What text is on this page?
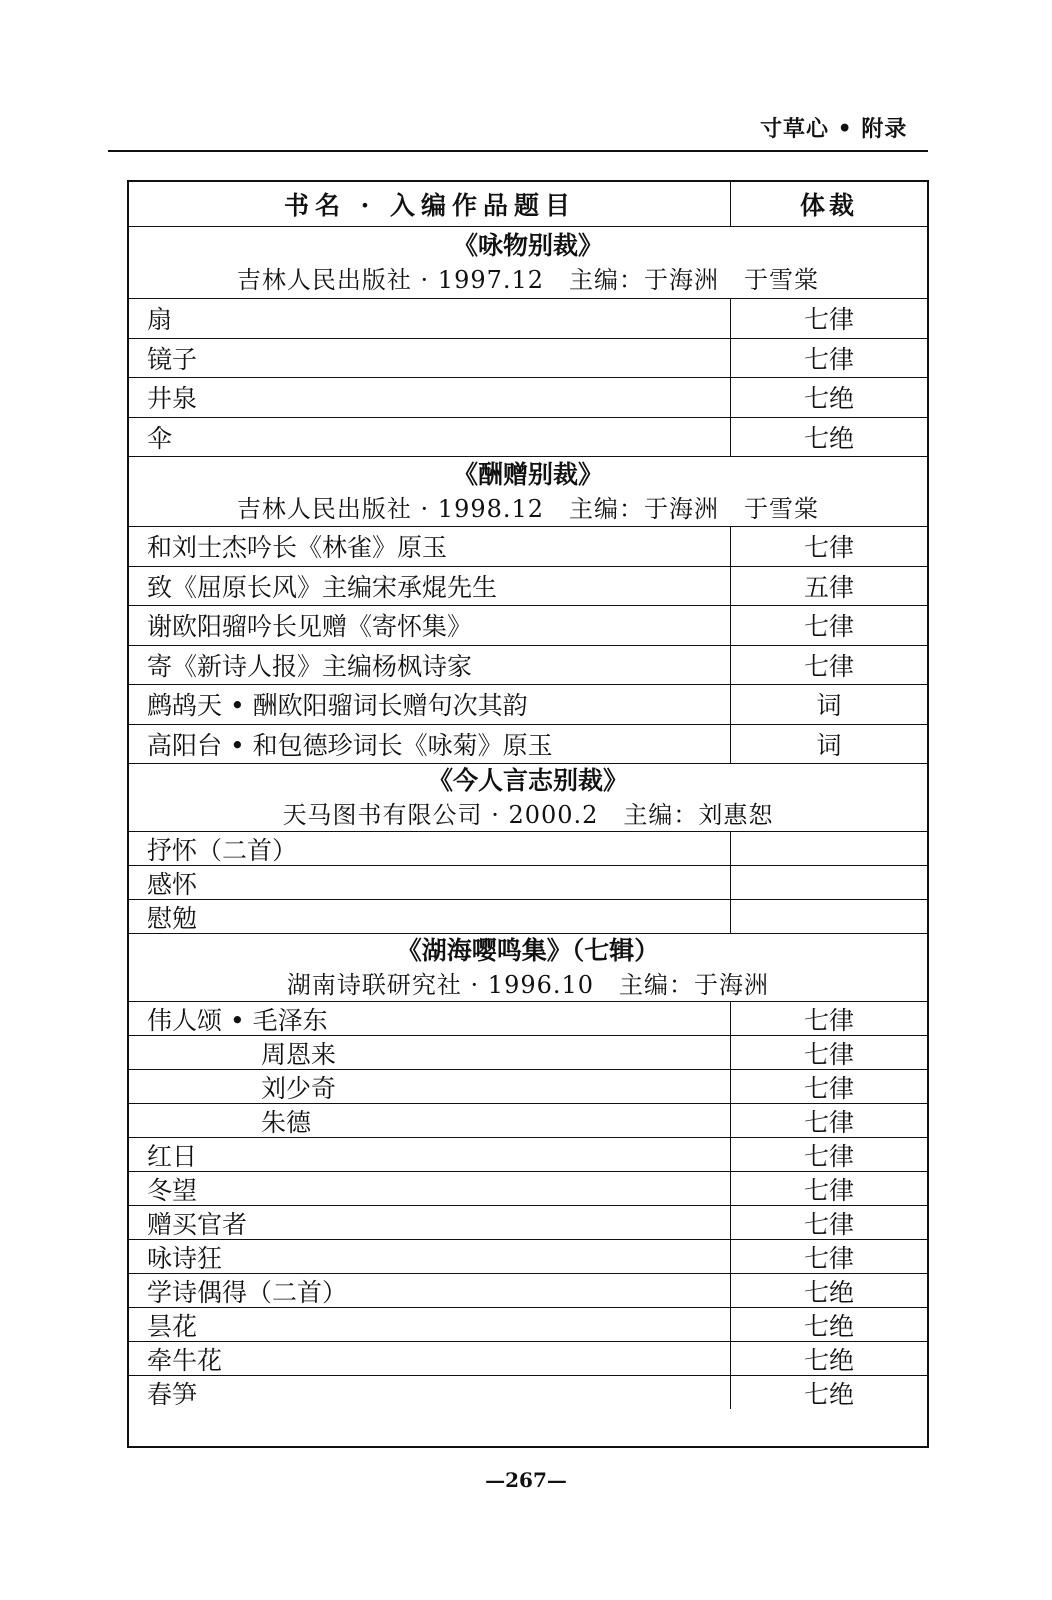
寸草心 • 附录
书名 · 入编作品题目	体裁
《咏物别裁》
吉林人民出版社 · 1997.12　主编：于海洲　于雪棠
扇	七律
镜子	七律
井泉	七绝
伞	七绝
《酬赠别裁》
吉林人民出版社 · 1998.12　主编：于海洲　于雪棠
和刘士杰吟长《林雀》原玉	七律
致《屈原长风》主编宋承焜先生	五律
谢欧阳骝吟长见赠《寄怀集》	七律
寄《新诗人报》主编杨枫诗家	七律
鹧鸪天 • 酬欧阳骝词长赠句次其韵	词
高阳台 • 和包德珍词长《咏菊》原玉	词
《今人言志别裁》
天马图书有限公司 · 2000.2　主编：刘惠恕
抒怀（二首）
感怀
慰勉
《湖海嘤鸣集》（七辑）
湖南诗联研究社 · 1996.10　主编：于海洲
伟人颂 • 毛泽东	七律
周恩来	七律
刘少奇	七律
朱德	七律
红日	七律
冬望	七律
赠买官者	七律
咏诗狂	七律
学诗偶得（二首）	七绝
昙花	七绝
牵牛花	七绝
春笋	七绝
—267—
